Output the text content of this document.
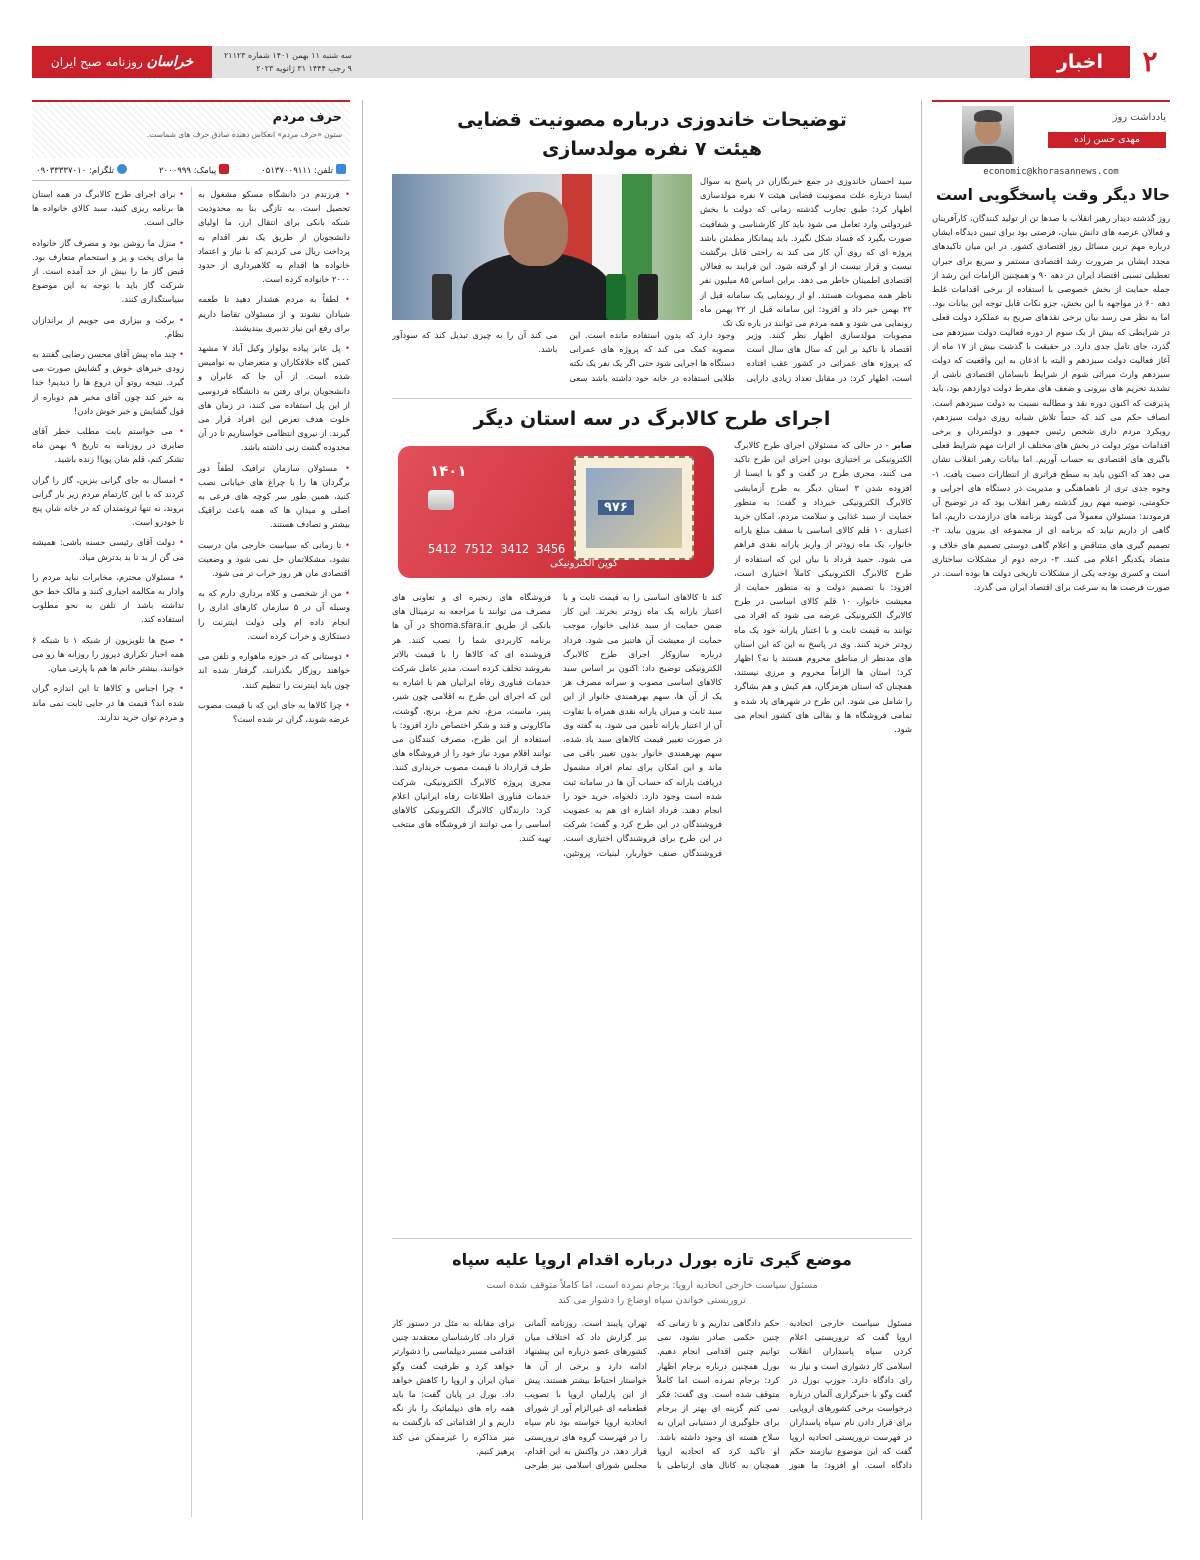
۲
اخبار
سه شنبه ۱۱ بهمن ۱۴۰۱ شماره ۲۱۱۲۳
۹ رجب ۱۴۴۴ ۳۱ ژانویه ۲۰۲۳
خراسان روزنامه صبح ایران
یادداشت روز
مهدی حسن زاده
economic@khorasannews.com
حالا دیگر وقت پاسخگویی است
روز گذشته دیدار رهبر انقلاب با صدها تن از تولید کنندگان، کارآفرینان و فعالان عرصه های دانش بنیان، فرصتی بود برای تبیین دیدگاه ایشان درباره مهم ترین مسائل روز اقتصادی کشور. در این میان تاکیدهای مجدد ایشان بر ضرورت رشد اقتصادی مستمر و سریع برای جبران تعطیلی نسبی اقتصاد ایران در دهه ۹۰ و همچنین الزامات این رشد از جمله حمایت از بخش خصوصی با استفاده از برخی اقدامات غلط دهه ۶۰ در مواجهه با این بخش، جزو نکات قابل توجه این بیانات بود. اما به نظر می رسد بیان برخی نقدهای صریح به عملکرد دولت فعلی در شرایطی که بیش از یک سوم از دوره فعالیت دولت سیزدهم می گذرد، جای تامل جدی دارد. در حقیقت با گذشت بیش از ۱۷ ماه از آغاز فعالیت دولت سیزدهم و البته با اذعان به این واقعیت که دولت سیزدهم وارث میراثی شوم از شرایط نابسامان اقتصادی ناشی از تشدید تحریم های بیرونی و ضعف های مفرط دولت دوازدهم بود، باید پذیرفت که اکنون دوره نقد و مطالبه نسبت به دولت سیزدهم است. انصاف حکم می کند که حتماً تلاش شبانه روزی دولت سیزدهم، رویکرد مردم داری شخص رئیس جمهور و دولتمردان و برخی اقدامات موثر دولت در بخش های مختلف از اثرات مهم شرایط فعلی باگیری های اقتصادی به حساب آوریم. اما بیانات رهبر انقلاب نشان می دهد که اکنون باید به سطح فراتری از انتظارات دست یافت. ۱- وجوه جدی تری از ناهماهنگی و مدیریت در دستگاه های اجرایی و حکومتی، توصیه مهم روز گذشته رهبر انقلاب بود که در توضیح آن فرمودند: مسئولان معمولاً می گویند برنامه های درازمدت داریم، اما گاهی از داریم نیاید که برنامه ای از مجموعه ای بیرون بیاید. ۲- تصمیم گیری های متناقض و اعلام گاهی دوستی تصمیم های خلاف و متضاد یکدیگر اعلام می کنند. ۳- درجه دوم از مشکلات ساختاری است و کسری بودجه یکی از مشکلات تاریخی دولت ها بوده است. در صورت فرصت ها به سرعت برای اقتصاد ایران می گذرد.
توضیحات خاندوزی درباره مصونیت قضایی
هیئت ۷ نفره مولدسازی
سید احسان خاندوزی در جمع خبرنگاران در پاسخ به سوال ایسنا درباره علت مصونیت قضایی هیئت ۷ نفره مولدسازی اظهار کرد: طبق تجارب گذشته زمانی که دولت با بخش غیردولتی وارد تعامل می شود باید کار کارشناسی و شفافیت صورت بگیرد که فساد شکل نگیرد. باید پیمانکار مطمئن باشد پروژه ای که روی آن کار می کند به راحتی قابل برگشت نیست و قرار نیست از او گرفته شود. این فرایند به فعالان اقتصادی اطمینان خاطر می دهد. براین اساس ۸۵ میلیون نفر ناظر همه مصوبات هستند. او از رونمایی یک سامانه قبل از ۲۲ بهمن خبر داد و افزود: این سامانه قبل از ۲۲ بهمن ماه رونمایی می شود و همه مردم می توانند در باره تک تک
مصوبات مولدسازی اظهار نظر کنند. وزیر اقتصاد با تاکید بر این که سال های سال است که پروژه های عمرانی در کشور عقب افتاده است، اظهار کرد: در مقابل تعداد زیادی دارایی وجود دارد که بدون استفاده مانده است. این مصوبه کمک می کند که پروژه های عمرانی دستگاه ها اجرایی شود حتی اگر یک نفر یک نکته طلایی استفاده در خانه خود داشته باشد سعی می کند آن را به چیزی تبدیل کند که سودآور باشد.
اجرای طرح کالابرگ در سه استان دیگر
صابر - در حالی که مسئولان اجرای طرح کالابرگ الکترونیکی بر اختیاری بودن اجرای این طرح تاکید می کنند، مجری طرح در گفت و گو با ایسنا از افزوده شدن ۳ استان دیگر به طرح آزمایشی کالابرگ الکترونیکی خبرداد و گفت: به منظور حمایت از سبد غذایی و سلامت مردم، امکان خرید اعتباری ۱۰ قلم کالای اساسی با سقف مبلغ یارانه خانوار، یک ماه زودتر از واریز یارانه نقدی فراهم می شود. حمید فرداد با بیان این که استفاده از طرح کالابرگ الکترونیکی کاملاً اختیاری است، افزود: با تصمیم دولت و به منظور حمایت از معیشت خانوار، ۱۰ قلم کالای اساسی در طرح کالابرگ الکترونیکی عرضه می شود که افراد می توانند به قیمت ثابت و با اعتبار یارانه خود یک ماه زودتر خرید کنند. وی در پاسخ به این که این استان های مدنظر از مناطق محروم هستند یا نه؟ اظهار کرد: استان ها الزاماً محروم و مرزی نیستند، همچنان که استان هرمزگان، هم کیش و هم بشاگرد را شامل می شود. این طرح در شهرهای یاد شده و تمامی فروشگاه ها و بقالی های کشور انجام می شود.
۱۴۰۱
۹۷۶
5412 7512 3412 3456
کوپن الکترونیکی
کند تا کالاهای اساسی را به قیمت ثابت و با اعتبار یارانه یک ماه زودتر بخرند. این کار ضمن حمایت از سبد غذایی خانوار، موجب حمایت از معیشت آن هاتنیز می شود. فرداد درباره سازوکار اجرای طرح کالابرگ الکترونیکی توضیح داد: اکنون بر اساس سبد کالاهای اساسی مصوب و سرانه مصرف هر یک از آن ها، سهم بهرهمندی خانوار از این سبد ثابت و میزان یارانه نقدی همراه با تفاوت آن از اعتبار یارانه تأمین می شود. به گفته وی در صورت تغییر قیمت کالاهای سبد یاد شده، سهم بهرهمندی خانوار بدون تغییر باقی می ماند و این امکان برای تمام افراد مشمول دریافت یارانه که حساب آن ها در سامانه ثبت شده است وجود دارد. دلخواه، خرید خود را انجام دهند. فرداد اشاره ای هم به عضویت فروشندگان در این طرح کرد و گفت: شرکت در این طرح برای فروشندگان اختیاری است. فروشندگان صنف خواربار، لبنیات، پروتئین، فروشگاه های زنجیره ای و تعاونی های مصرف می توانند با مراجعه به ترمینال های بانکی از طریق shoma.sfara.ir در آن ها برنامه کاربردی شما را نصب کنند. هر فروشنده ای که کالاها را با قیمت بالاتر بفروشد تخلف کرده است. مدیر عامل شرکت خدمات فناوری رفاه ایرانیان هم با اشاره به این که اجرای این طرح به اقلامی چون شیر، پنیر، ماست، مرغ، تخم مرغ، برنج، گوشت، ماکارونی و قند و شکر اختصاص دارد افزود: با استفاده از این طرح، مصرف کنندگان می توانند اقلام مورد نیاز خود را از فروشگاه های طرف قرارداد با قیمت مصوب خریداری کنند. مجری پروژه کالابرگ الکترونیکی، شرکت خدمات فناوری اطلاعات رفاه ایرانیان اعلام کرد: دارندگان کالابرگ الکترونیکی کالاهای اساسی را می توانند از فروشگاه های منتخب تهیه کنند.
موضع گیری تازه بورل درباره اقدام اروپا علیه سپاه
مسئول سیاست خارجی اتحادیه اروپا: برجام نمرده است، اما کاملاً متوقف شده است
تروریستی خواندن سپاه اوضاع را دشوار می کند
مسئول سیاست خارجی اتحادیه اروپا گفت که تروریستی اعلام کردن سپاه پاسداران انقلاب اسلامی کار دشواری است و نیاز به رای دادگاه دارد. جوزپ بورل در گفت وگو با خبرگزاری آلمان درباره درخواست برخی کشورهای اروپایی برای قرار دادن نام سپاه پاسداران در فهرست تروریستی اتحادیه اروپا گفت که این موضوع نیازمند حکم دادگاه است. او افزود: ما هنوز حکم دادگاهی نداریم و تا زمانی که چنین حکمی صادر نشود، نمی توانیم چنین اقدامی انجام دهیم. بورل همچنین درباره برجام اظهار کرد: برجام نمرده است اما کاملاً متوقف شده است. وی گفت: فکر نمی کنم گزینه ای بهتر از برجام برای جلوگیری از دستیابی ایران به سلاح هسته ای وجود داشته باشد. او تاکید کرد که اتحادیه اروپا همچنان به کانال های ارتباطی با تهران پایبند است. روزنامه آلمانی نیز گزارش داد که اختلاف میان کشورهای عضو درباره این پیشنهاد ادامه دارد و برخی از آن ها خواستار احتیاط بیشتر هستند. پیش از این پارلمان اروپا با تصویب قطعنامه ای غیرالزام آور از شورای اتحادیه اروپا خواسته بود نام سپاه را در فهرست گروه های تروریستی قرار دهد. در واکنش به این اقدام، مجلس شورای اسلامی نیز طرحی برای مقابله به مثل در دستور کار قرار داد. کارشناسان معتقدند چنین اقدامی مسیر دیپلماسی را دشوارتر خواهد کرد و ظرفیت گفت وگو میان ایران و اروپا را کاهش خواهد داد. بورل در پایان گفت: ما باید همه راه های دیپلماتیک را باز نگه داریم و از اقداماتی که بازگشت به میز مذاکره را غیرممکن می کند پرهیز کنیم.
حرف مردم
ستون «حرف مردم» انعکاس دهنده صادق حرف های شماست.
تلفن: ۰۵۱۳۷۰۰۹۱۱۱
پیامک: ۲۰۰۰۹۹۹
تلگرام: ۰۹۰۳۳۳۳۷۰۱۰

• فرزندم در دانشگاه مسکو مشغول به تحصیل است. به تازگی بنا به محدودیت شبکه بانکی برای انتقال ارز، ما اولیای دانشجویان از طریق یک نفر اقدام به پرداخت ریال می کردیم که با نیاز و اعتماد خانواده ها اقدام به کلاهبرداری از حدود ۲۰۰۰ خانواده کرده است.

• لطفاً به مردم هشدار دهید تا طعمه شیادان نشوند و از مسئولان تقاضا داریم برای رفع این نیاز تدبیری بیندیشند.

• پل عابر پیاده بولوار وکیل آباد ۷ مشهد کمین گاه خلافکاران و متعرضان به نوامیس شده است. از آن جا که عابران و دانشجویان برای رفتن به دانشگاه فردوسی از این پل استفاده می کنند، در زمان های خلوت هدف تعرض این افراد قرار می گیرند. از نیروی انتظامی خواستاریم تا در آن محدوده گشت زنی داشته باشد.

• مسئولان سازمان ترافیک لطفاً دور برگردان ها را با چراغ های خیابانی نصب کنید، همین طور سر کوچه های فرعی به اصلی و میدان ها که همه باعث ترافیک بیشتر و تصادف هستند.

• تا زمانی که سیاست خارجی مان درست نشود، مشکلاتمان حل نمی شود و وضعیت اقتصادی مان هر روز خراب تر می شود.

• من از شخصی و کلاه برداری دارم که به وسیله آن در ۵ سازمان کارهای اداری را انجام داده ام ولی دولت اینترنت را دستکاری و خراب کرده است.

• دوستانی که در حوزه ماهواره و تلفن می خواهند روزگار بگذرانند، گرفتار شده اند چون باید اینترنت را تنظیم کنند.

• چرا کالاها به جای این که با قیمت مصوب عرضه شوند، گران تر شده است؟

• برای اجرای طرح کالابرگ در همه استان ها برنامه ریزی کنید، سبد کالای خانواده ها خالی است.

• منزل ما روشن بود و مصرف گاز خانواده ما برای پخت و پز و استحمام متعارف بود. قبض گاز ما را بیش از حد آمده است. از شرکت گاز باید با توجه به این موضوع سیاستگذاری کنند.

• برکت و بیزاری می جوییم از براندازان نظام.

• چند ماه پیش آقای محسن رضایی گفتند به زودی خبرهای خوش و گشایش صورت می گیرد. نتیجه روتو آن دروغ ها را دیدیم! خدا به خیر کند چون آقای مخبر هم دوباره از قول گشایش و خبر خوش دادن!

• می خواستم بابت مطلب خطر آقای صابری در روزنامه به تاریخ ۹ بهمن ماه تشکر کنم، قلم شان پویا! زنده باشید.

• امسال به جای گرانی بنزین، گاز را گران کردند که با این کارتمام مردم زیر بار گرانی بروند، نه تنها ثروتمندان که در خانه شان پنج تا خودرو است.

• دولت آقای رئیسی حسنه باشی: همیشه می گن از بد تا بد بدترش میاد.

• مسئولان محترم، مخابرات نباید مردم را وادار به مکالمه اجباری کنند و مالک خط حق تداشته باشد از تلفن به نحو مطلوب استفاده کند.

• صبح ها تلویزیون از شبکه ۱ تا شبکه ۶ همه اخبار تکراری دیروز را روزانه ها رو می خوانند، بیشتر خانم ها هم با پارتی میان.

• چرا اجناس و کالاها تا این اندازه گران شده اند؟ قیمت ها در جایی ثابت نمی ماند و مردم توان خرید ندارند.
